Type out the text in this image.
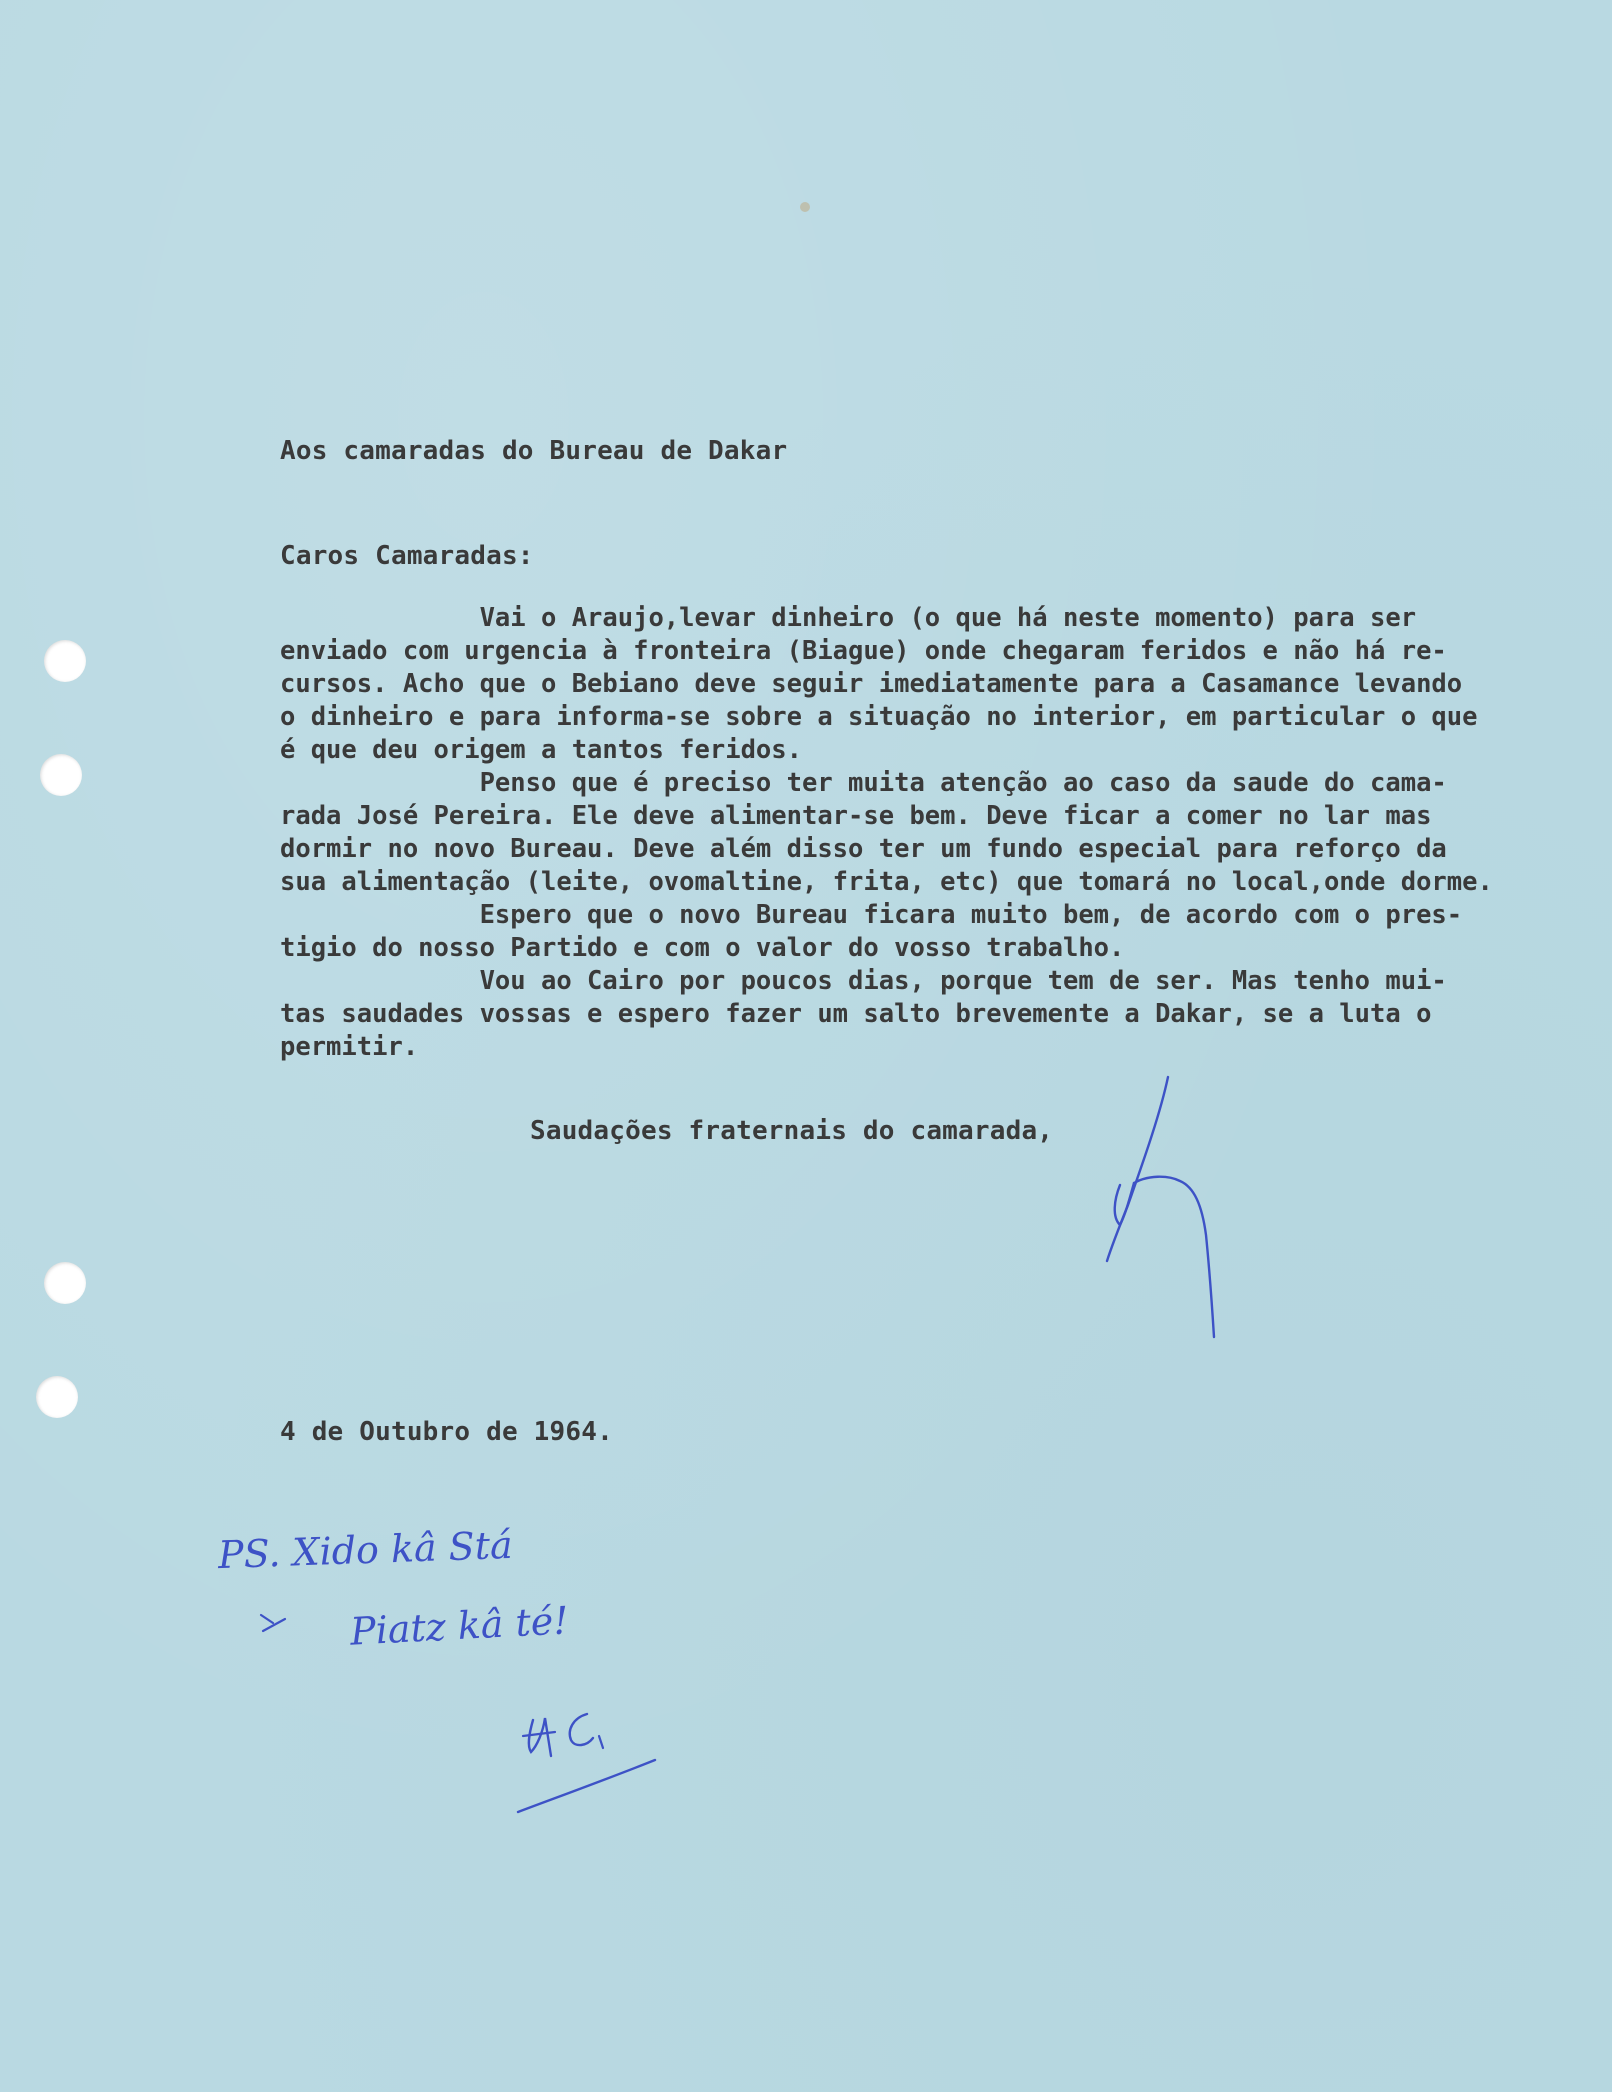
Aos camaradas do Bureau de Dakar
Caros Camaradas:
Vai o Araujo,levar dinheiro (o que há neste momento) para ser
enviado com urgencia à fronteira (Biague) onde chegaram feridos e não há re-
cursos. Acho que o Bebiano deve seguir imediatamente para a Casamance levando
o dinheiro e para informa-se sobre a situação no interior, em particular o que
é que deu origem a tantos feridos.
Penso que é preciso ter muita atenção ao caso da saude do cama-
rada José Pereira. Ele deve alimentar-se bem. Deve ficar a comer no lar mas
dormir no novo Bureau. Deve além disso ter um fundo especial para reforço da
sua alimentação (leite, ovomaltine, frita, etc) que tomará no local,onde dorme.
Espero que o novo Bureau ficara muito bem, de acordo com o pres-
tigio do nosso Partido e com o valor do vosso trabalho.
Vou ao Cairo por poucos dias, porque tem de ser. Mas tenho mui-
tas saudades vossas e espero fazer um salto brevemente a Dakar, se a luta o
permitir.
Saudações fraternais do camarada,
4 de Outubro de 1964.
PS. Xido kâ Stá
Piatz kâ té!
